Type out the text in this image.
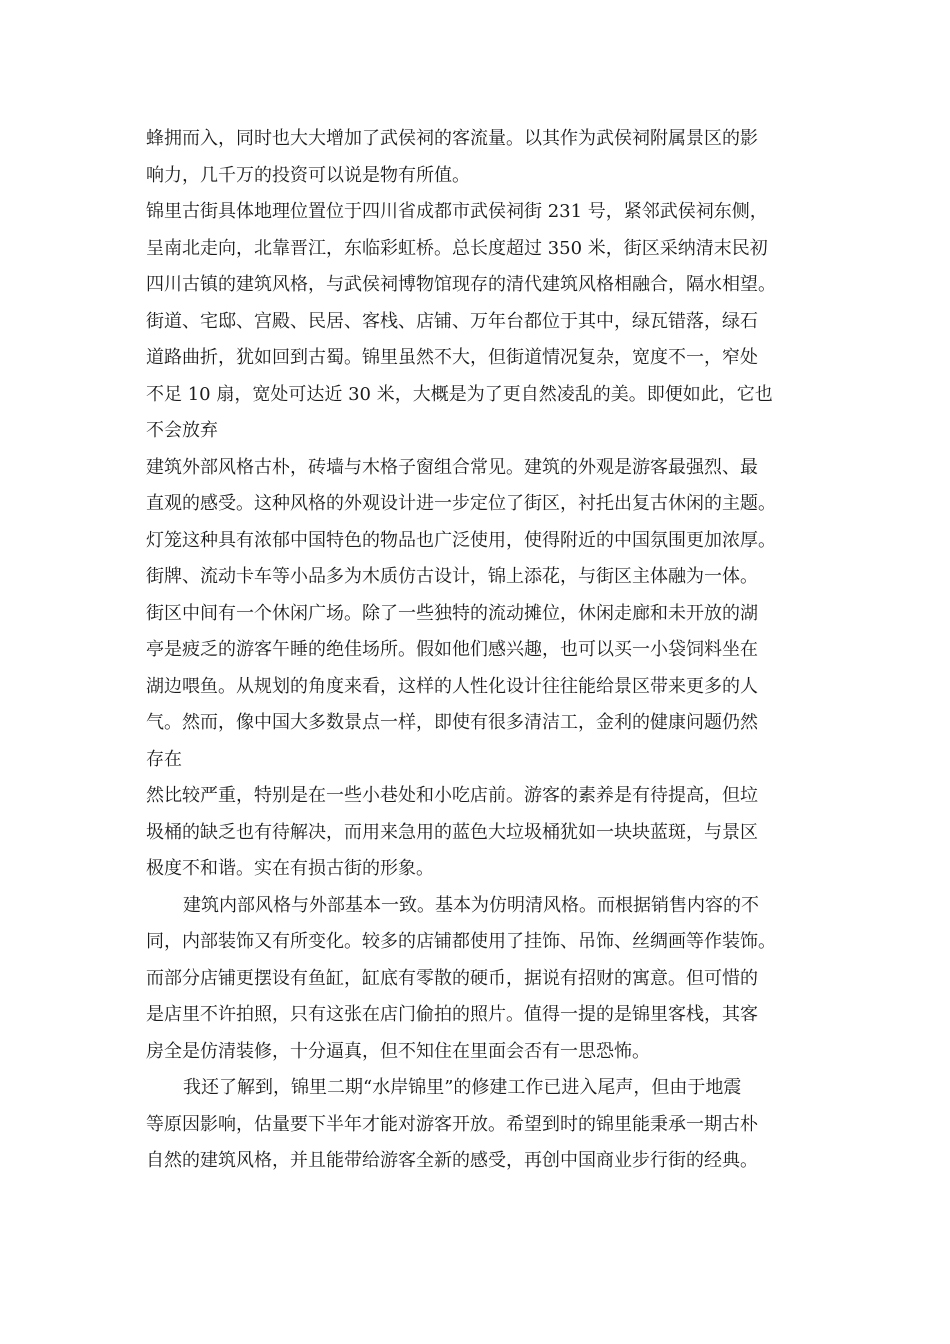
蜂拥而入，同时也大大增加了武侯祠的客流量。以其作为武侯祠附属景区的影
响力，几千万的投资可以说是物有所值。
锦里古街具体地理位置位于四川省成都市武侯祠街 231 号，紧邻武侯祠东侧，
呈南北走向，北靠晋江，东临彩虹桥。总长度超过 350 米，街区采纳清末民初
四川古镇的建筑风格，与武侯祠博物馆现存的清代建筑风格相融合，隔水相望。
街道、宅邸、宫殿、民居、客栈、店铺、万年台都位于其中，绿瓦错落，绿石
道路曲折，犹如回到古蜀。锦里虽然不大，但街道情况复杂，宽度不一，窄处
不足 10 扇，宽处可达近 30 米，大概是为了更自然凌乱的美。即便如此，它也
不会放弃
建筑外部风格古朴，砖墙与木格子窗组合常见。建筑的外观是游客最强烈、最
直观的感受。这种风格的外观设计进一步定位了街区，衬托出复古休闲的主题。
灯笼这种具有浓郁中国特色的物品也广泛使用，使得附近的中国氛围更加浓厚。
街牌、流动卡车等小品多为木质仿古设计，锦上添花，与街区主体融为一体。
街区中间有一个休闲广场。除了一些独特的流动摊位，休闲走廊和未开放的湖
亭是疲乏的游客午睡的绝佳场所。假如他们感兴趣，也可以买一小袋饲料坐在
湖边喂鱼。从规划的角度来看，这样的人性化设计往往能给景区带来更多的人
气。然而，像中国大多数景点一样，即使有很多清洁工，金利的健康问题仍然
存在
然比较严重，特别是在一些小巷处和小吃店前。游客的素养是有待提高，但垃
圾桶的缺乏也有待解决，而用来急用的蓝色大垃圾桶犹如一块块蓝斑，与景区
极度不和谐。实在有损古街的形象。
建筑内部风格与外部基本一致。基本为仿明清风格。而根据销售内容的不
同，内部装饰又有所变化。较多的店铺都使用了挂饰、吊饰、丝绸画等作装饰。
而部分店铺更摆设有鱼缸，缸底有零散的硬币，据说有招财的寓意。但可惜的
是店里不许拍照，只有这张在店门偷拍的照片。值得一提的是锦里客栈，其客
房全是仿清装修，十分逼真，但不知住在里面会否有一思恐怖。
我还了解到，锦里二期“水岸锦里”的修建工作已进入尾声，但由于地震
等原因影响，估量要下半年才能对游客开放。希望到时的锦里能秉承一期古朴
自然的建筑风格，并且能带给游客全新的感受，再创中国商业步行街的经典。
